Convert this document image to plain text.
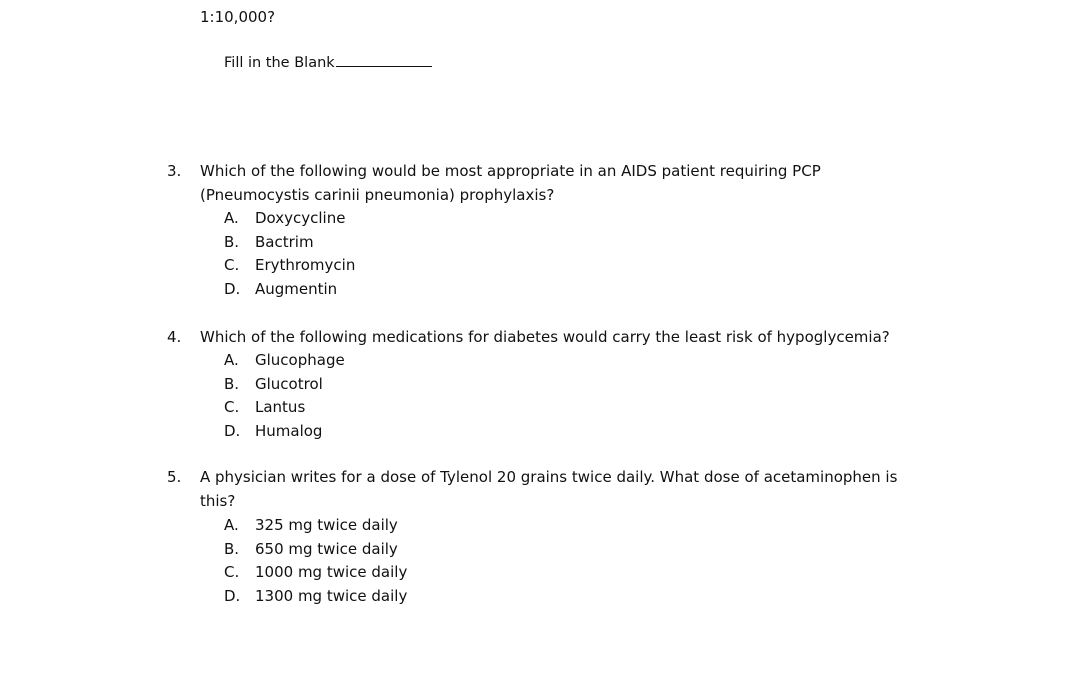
1:10,000?
Fill in the Blank
3. Which of the following would be most appropriate in an AIDS patient requiring PCP
(Pneumocystis carinii pneumonia) prophylaxis?
A. Doxycycline
B. Bactrim
C. Erythromycin
D. Augmentin
4. Which of the following medications for diabetes would carry the least risk of hypoglycemia?
A. Glucophage
B. Glucotrol
C. Lantus
D. Humalog
5. A physician writes for a dose of Tylenol 20 grains twice daily. What dose of acetaminophen is
this?
A. 325 mg twice daily
B. 650 mg twice daily
C. 1000 mg twice daily
D. 1300 mg twice daily
